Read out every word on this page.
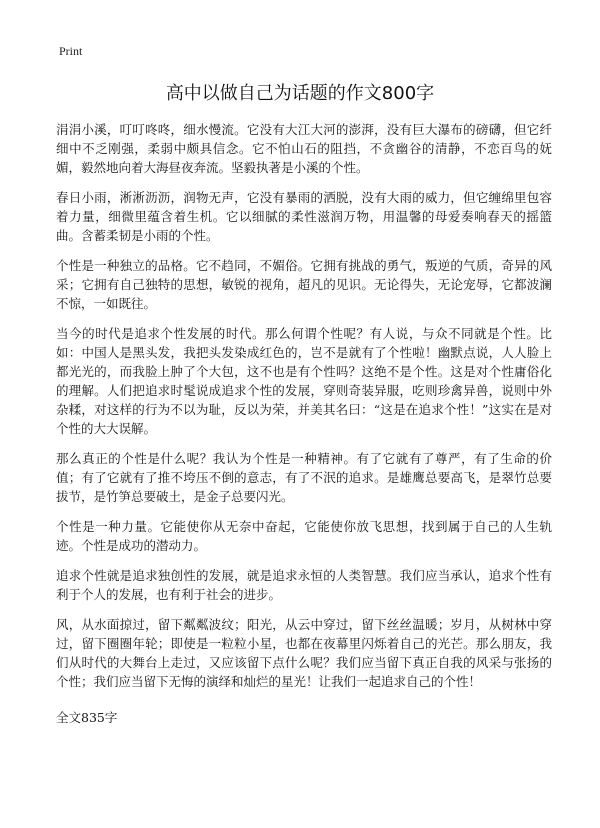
Print
高中以做自己为话题的作文800字

涓涓小溪，叮叮咚咚，细水慢流。它没有大江大河的澎湃，没有巨大瀑布的磅礴，但它纤细中不乏刚强，柔弱中颇具信念。它不怕山石的阻挡，不贪幽谷的清静，不恋百鸟的妩媚，毅然地向着大海昼夜奔流。坚毅执著是小溪的个性。

春日小雨，淅淅沥沥，润物无声，它没有暴雨的洒脱，没有大雨的威力，但它缠绵里包容着力量，细微里蕴含着生机。它以细腻的柔性滋润万物，用温馨的母爱奏响春天的摇篮曲。含蓄柔韧是小雨的个性。

个性是一种独立的品格。它不趋同，不媚俗。它拥有挑战的勇气，叛逆的气质，奇异的风采；它拥有自己独特的思想，敏锐的视角，超凡的见识。无论得失，无论宠辱，它都波澜不惊，一如既往。

当今的时代是追求个性发展的时代。那么何谓个性呢？有人说，与众不同就是个性。比如：中国人是黑头发，我把头发染成红色的，岂不是就有了个性啦！幽默点说，人人脸上都光光的，而我脸上肿了个大包，这不也是有个性吗？这绝不是个性。这是对个性庸俗化的理解。人们把追求时髦说成追求个性的发展，穿则奇装异服，吃则珍禽异兽，说则中外杂糅，对这样的行为不以为耻，反以为荣，并美其名曰：“这是在追求个性！”这实在是对个性的大大误解。

那么真正的个性是什么呢？我认为个性是一种精神。有了它就有了尊严，有了生命的价值；有了它就有了推不垮压不倒的意志，有了不泯的追求。是雄鹰总要高飞，是翠竹总要拔节，是竹笋总要破土，是金子总要闪光。

个性是一种力量。它能使你从无奈中奋起，它能使你放飞思想，找到属于自己的人生轨迹。个性是成功的潜动力。

追求个性就是追求独创性的发展，就是追求永恒的人类智慧。我们应当承认，追求个性有利于个人的发展，也有利于社会的进步。

风，从水面掠过，留下粼粼波纹；阳光，从云中穿过，留下丝丝温暖；岁月，从树林中穿过，留下圈圈年轮；即使是一粒粒小星，也都在夜幕里闪烁着自己的光芒。那么朋友，我们从时代的大舞台上走过，又应该留下点什么呢？我们应当留下真正自我的风采与张扬的个性；我们应当留下无悔的演绎和灿烂的星光！让我们一起追求自己的个性！

全文835字
